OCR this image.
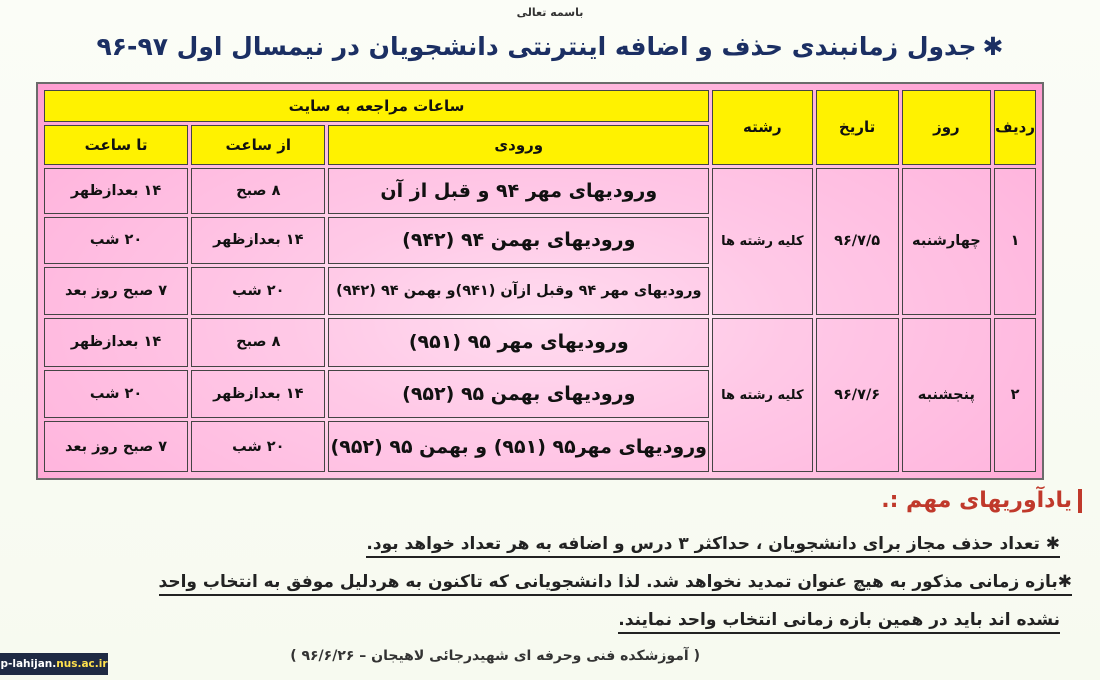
باسمه تعالی
✱جدول زمانبندی حذف و اضافه اینترنتی دانشجویان در نیمسال اول ۹۷-۹۶
ردیف	روز	تاریخ	رشته	ساعات مراجعه به سایت		
				ورودی	از ساعت	تا ساعت
۱	چهارشنبه	۹۶/۷/۵	کلیه رشته ها	ورودیهای مهر ۹۴ و قبل از آن	۸ صبح	۱۴ بعدازظهر
				ورودیهای بهمن ۹۴ (۹۴۲)	۱۴ بعدازظهر	۲۰ شب
				ورودیهای مهر ۹۴ وقبل ازآن (۹۴۱)و بهمن ۹۴ (۹۴۲)	۲۰ شب	۷ صبح روز بعد
۲	پنجشنبه	۹۶/۷/۶	کلیه رشته ها	ورودیهای مهر ۹۵ (۹۵۱)	۸ صبح	۱۴ بعدازظهر
				ورودیهای بهمن ۹۵ (۹۵۲)	۱۴ بعدازظهر	۲۰ شب
				ورودیهای مهر۹۵ (۹۵۱) و بهمن ۹۵ (۹۵۲)	۲۰ شب	۷ صبح روز بعد
یادآوریهای مهم :.
✱ تعداد حذف مجاز برای دانشجویان ، حداکثر ۳ درس و اضافه به هر تعداد خواهد بود.
✱بازه زمانی مذکور به هیچ عنوان تمدید نخواهد شد. لذا دانشجویانی که تاکنون به هردلیل موفق به انتخاب واحد
نشده اند باید در همین بازه زمانی انتخاب واحد نمایند.
( آموزشکده فنی وحرفه ای شهیدرجائی لاهیجان – ۹۶/۶/۲۶ )
p-lahijan. nus.ac.ir
